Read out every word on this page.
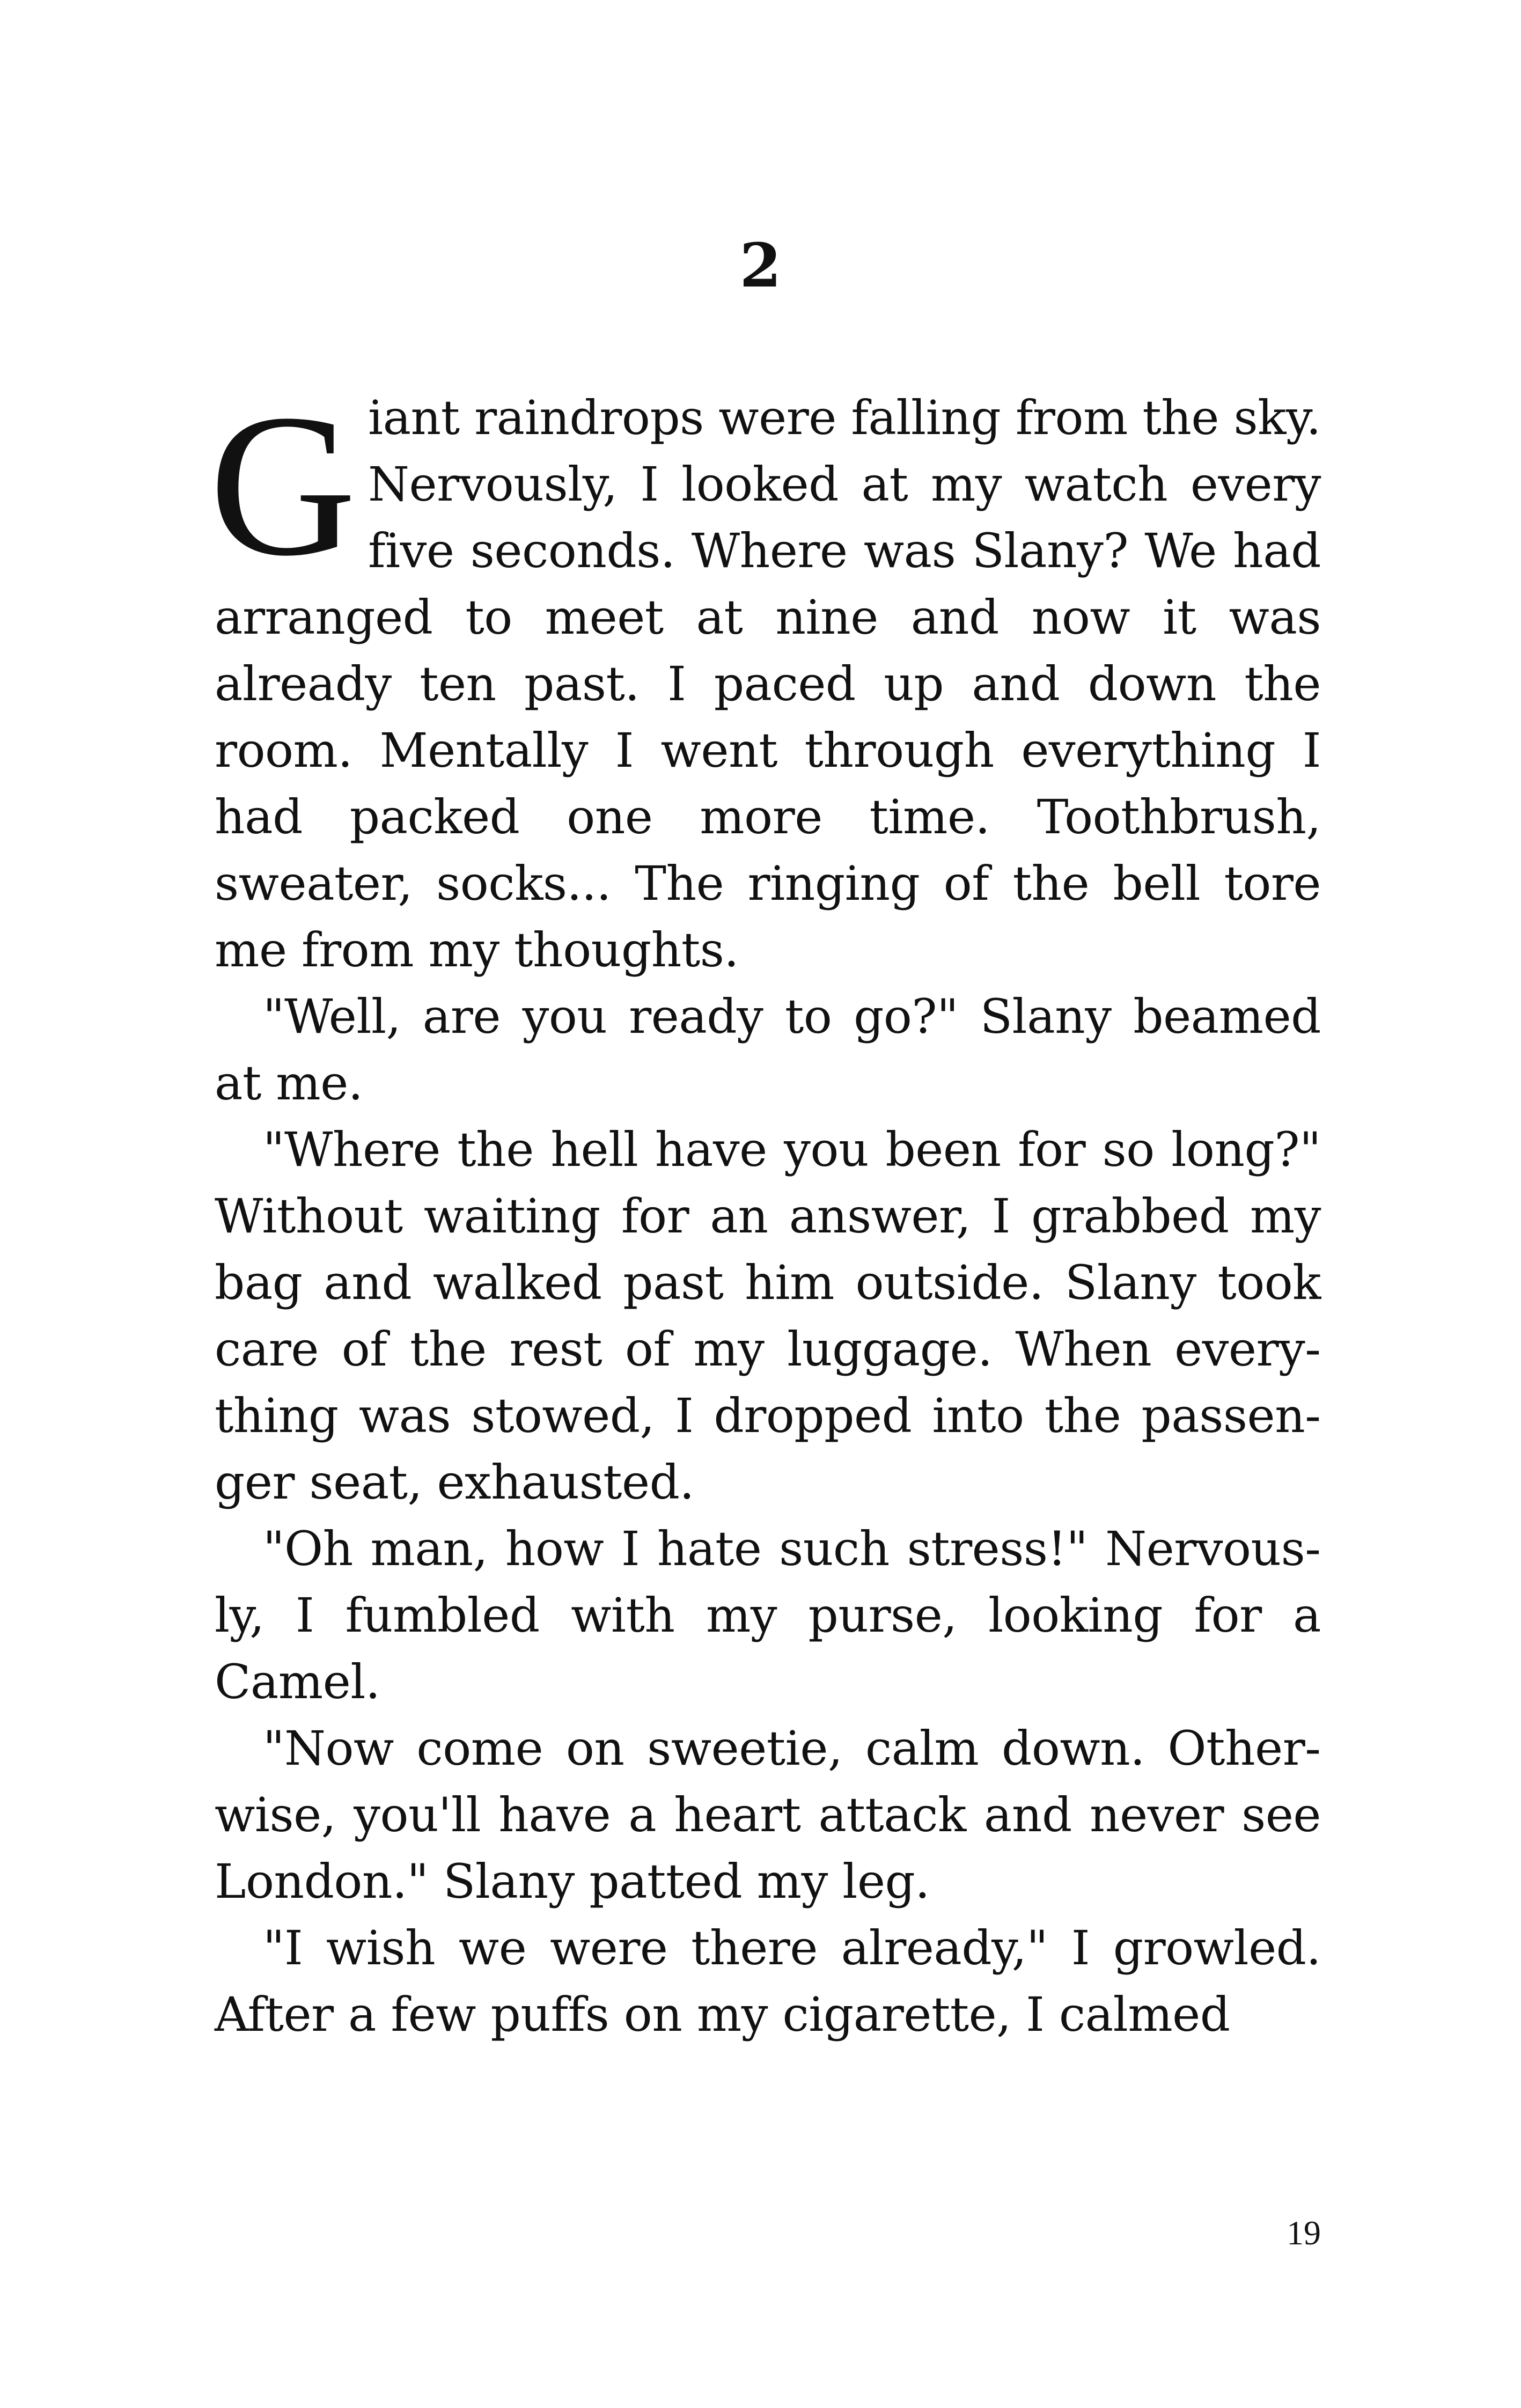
2

Giant raindrops were falling from the sky. Nervously, I looked at my watch every five seconds. Where was Slany? We had arranged to meet at nine and now it was already ten past. I paced up and down the room. Mentally I went through everything I had packed one more time. Toothbrush, sweater, socks... The ringing of the bell tore me from my thoughts.

"Well, are you ready to go?" Slany beamed at me.

"Where the hell have you been for so long?" Without waiting for an answer, I grabbed my bag and walked past him outside. Slany took care of the rest of my luggage. When everything was stowed, I dropped into the passenger seat, exhausted.

"Oh man, how I hate such stress!" Nervously, I fumbled with my purse, looking for a Camel.

"Now come on sweetie, calm down. Otherwise, you'll have a heart attack and never see London." Slany patted my leg.

"I wish we were there already," I growled. After a few puffs on my cigarette, I calmed

19
